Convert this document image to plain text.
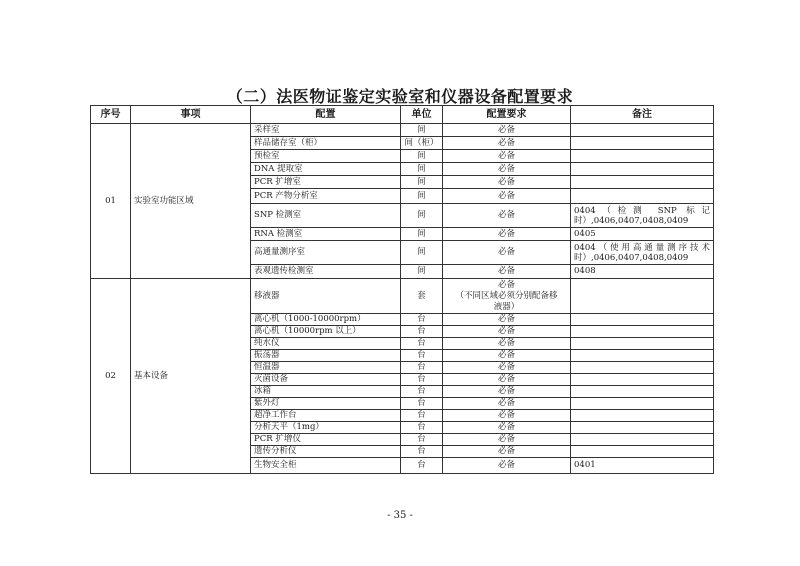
（二）法医物证鉴定实验室和仪器设备配置要求
序号	事项	配置	单位	配置要求	备注
01	实验室功能区域	采样室	间	必备	
		样品储存室（柜）	间（柜）	必备	
		预检室	间	必备	
		DNA 提取室	间	必备	
		PCR 扩增室	间	必备	
		PCR 产物分析室	间	必备	
		SNP 检测室	间	必备	0404（检测 SNP 标记时）,0406,0407,0408,0409
		RNA 检测室	间	必备	0405
		高通量测序室	间	必备	0404（使用高通量测序技术时）,0406,0407,0408,0409
		表观遗传检测室	间	必备	0408
02	基本设备	移液器	套	必备
（不同区域必须分别配备移
液器）	

		离心机（1000-10000rpm）	台	必备	
		离心机（10000rpm 以上）	台	必备	
		纯水仪	台	必备	
		振荡器	台	必备	
		恒温器	台	必备	
		灭菌设备	台	必备	
		冰箱	台	必备	
		紫外灯	台	必备	
		超净工作台	台	必备	
		分析天平（1mg）	台	必备	
		PCR 扩增仪	台	必备	
		遗传分析仪	台	必备	
		生物安全柜	台	必备	0401
- 35 -
